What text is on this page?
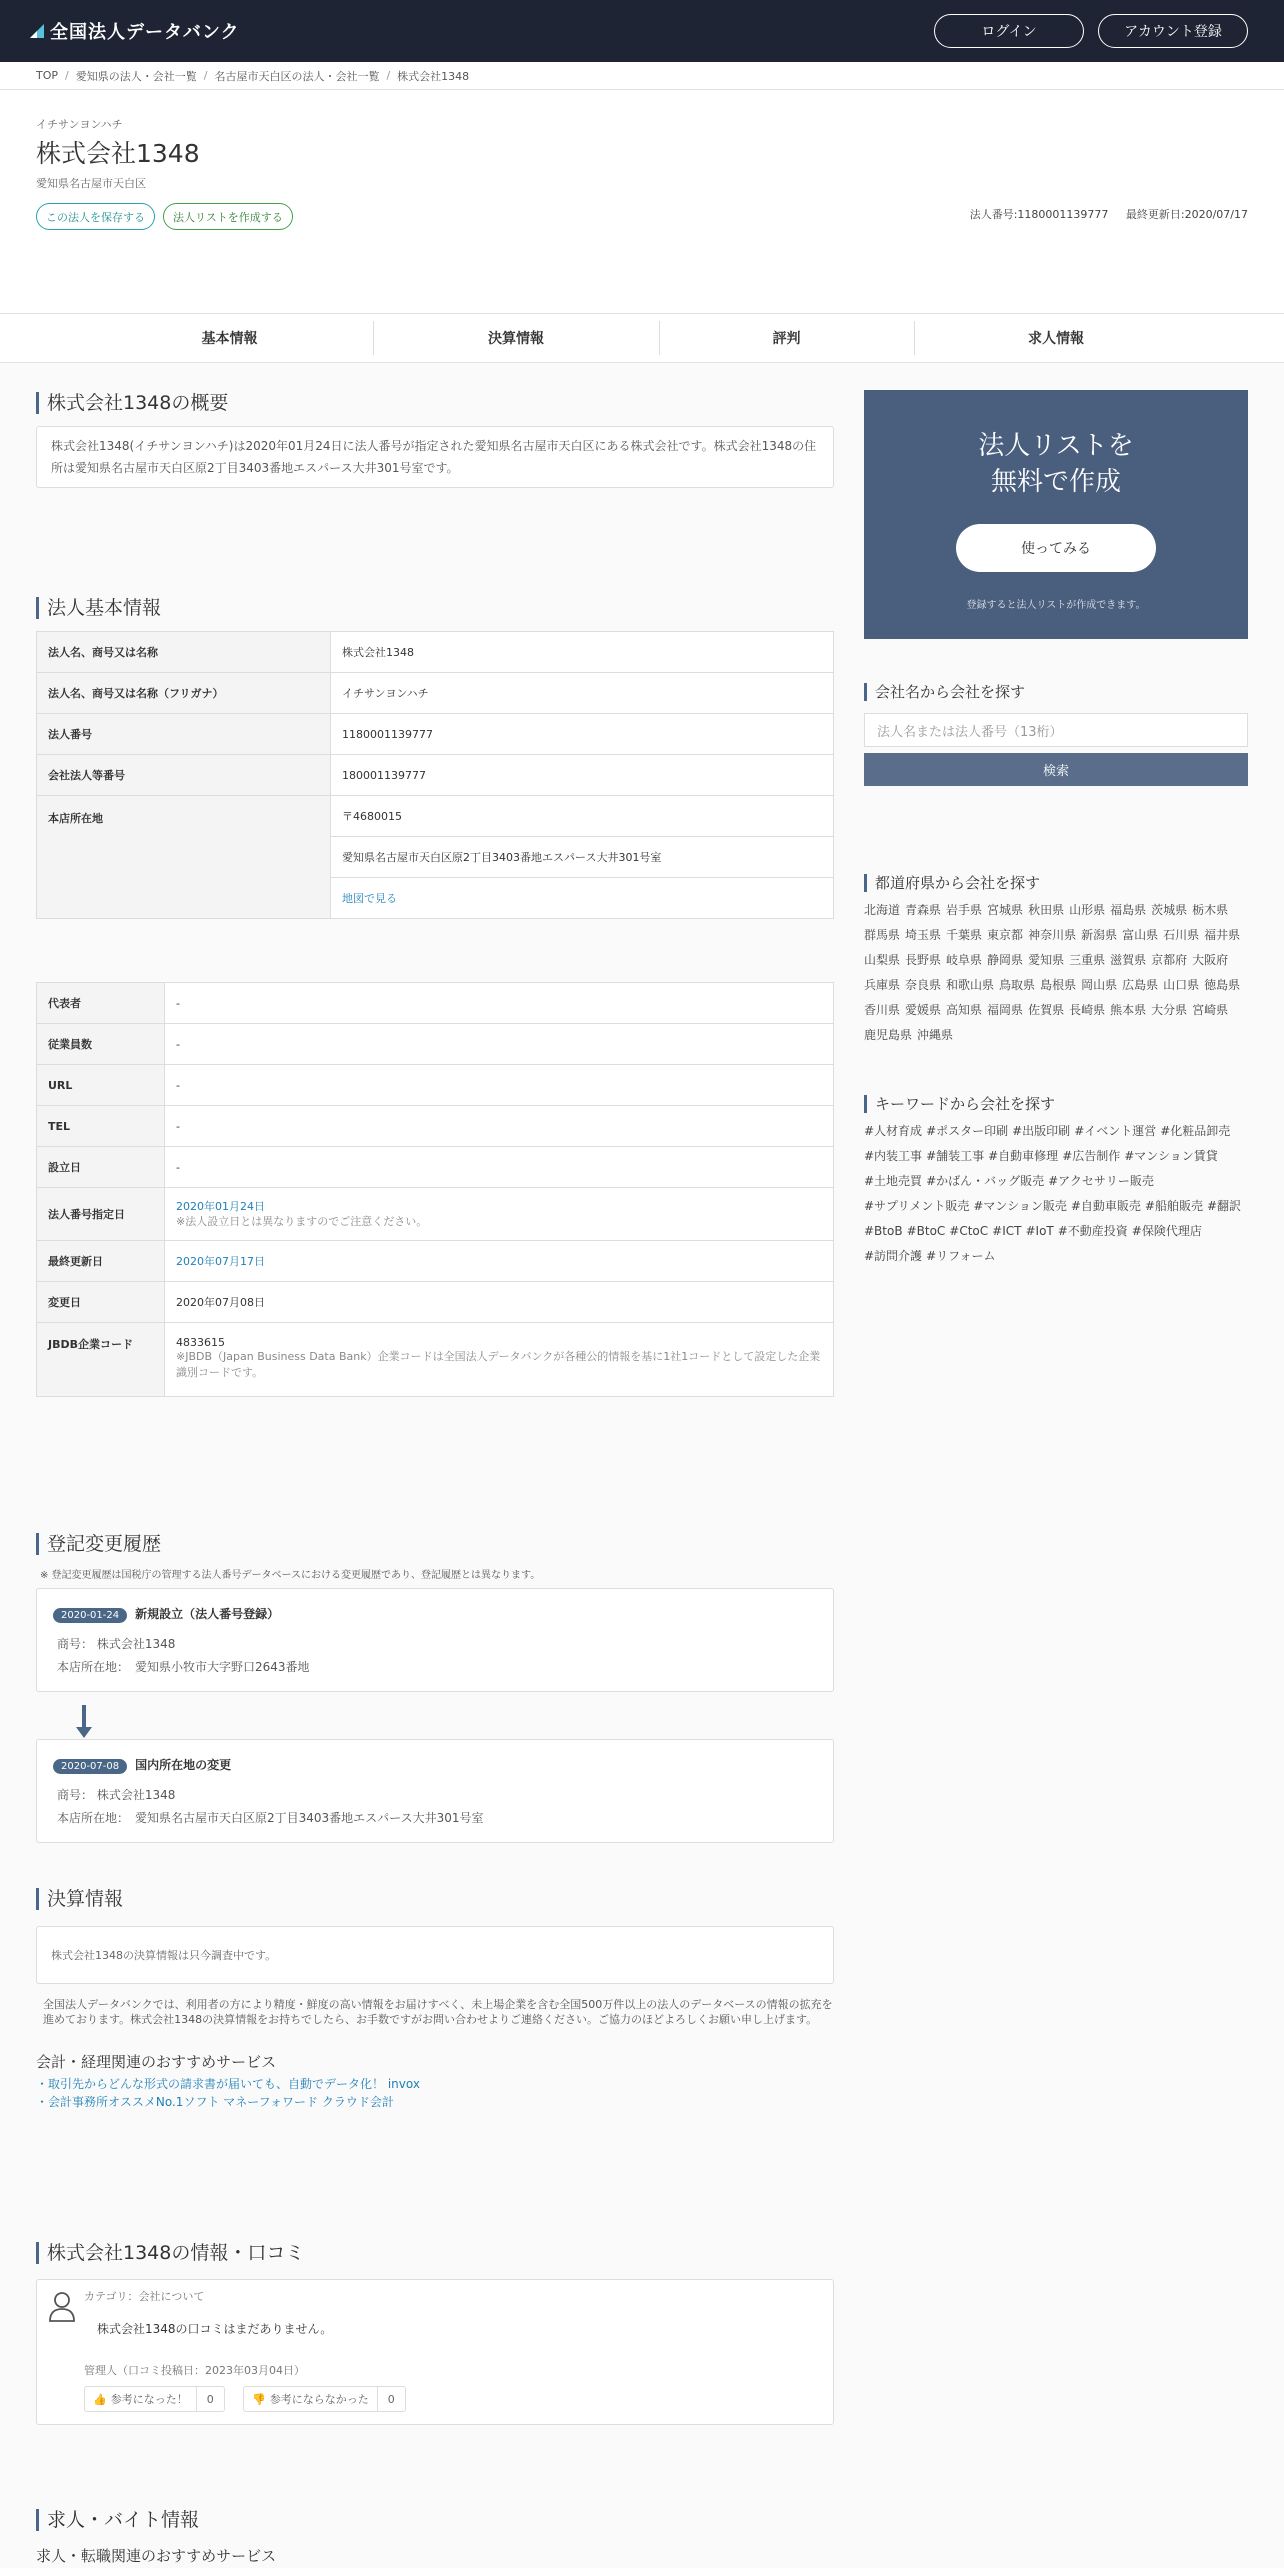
全国法人データバンク	ログイン	アカウント登録
TOP / 愛知県の法人・会社一覧 / 名古屋市天白区の法人・会社一覧 / 株式会社1348
イチサンヨンハチ
株式会社1348
愛知県名古屋市天白区
この法人を保存する	法人リストを作成する	法人番号:1180001139777 最終更新日:2020/07/17
基本情報	決算情報	評判	求人情報
株式会社1348の概要
株式会社1348(イチサンヨンハチ)は2020年01月24日に法人番号が指定された愛知県名古屋市天白区にある株式会社です。株式会社1348の住所は愛知県名古屋市天白区原2丁目3403番地エスパース大井301号室です。
法人基本情報
法人名、商号又は名称	株式会社1348
法人名、商号又は名称（フリガナ）	イチサンヨンハチ
法人番号	1180001139777
会社法人等番号	180001139777
本店所在地	〒4680015
	愛知県名古屋市天白区原2丁目3403番地エスパース大井301号室
	地図で見る
代表者	-
従業員数	-
URL	-
TEL	-
設立日	-
法人番号指定日	2020年01月24日
※法人設立日とは異なりますのでご注意ください。

最終更新日	2020年07月17日
変更日	2020年07月08日
JBDB企業コード	4833615
※JBDB（Japan Business Data Bank）企業コードは全国法人データバンクが各種公的情報を基に1社1コードとして設定した企業識別コードです。
登記変更履歴
※ 登記変更履歴は国税庁の管理する法人番号データベースにおける変更履歴であり、登記履歴とは異なります。
2020-01-24 新規設立（法人番号登録）
商号： 株式会社1348
本店所在地：　愛知県小牧市大字野口2643番地
2020-07-08 国内所在地の変更
商号： 株式会社1348
本店所在地：　愛知県名古屋市天白区原2丁目3403番地エスパース大井301号室
決算情報
株式会社1348の決算情報は只今調査中です。
全国法人データバンクでは、利用者の方により精度・鮮度の高い情報をお届けすべく、未上場企業を含む全国500万件以上の法人のデータベースの情報の拡充を進めております。株式会社1348の決算情報をお持ちでしたら、お手数ですがお問い合わせよりご連絡ください。ご協力のほどよろしくお願い申し上げます。
会計・経理関連のおすすめサービス
・取引先からどんな形式の請求書が届いても、自動でデータ化！ invox
・会計事務所オススメNo.1ソフト マネーフォワード クラウド会計
株式会社1348の情報・口コミ
カテゴリ：会社について
株式会社1348の口コミはまだありません。
管理人（口コミ投稿日：2023年03月04日）
👍 参考になった！	0	👎 参考にならなかった	0
求人・バイト情報
求人・転職関連のおすすめサービス
法人リストを
無料で作成
使ってみる
登録すると法人リストが作成できます。
会社名から会社を探す
法人名または法人番号（13桁）
検索
都道府県から会社を探す
北海道 青森県 岩手県 宮城県 秋田県 山形県 福島県 茨城県 栃木県
群馬県 埼玉県 千葉県 東京都 神奈川県 新潟県 富山県 石川県 福井県
山梨県 長野県 岐阜県 静岡県 愛知県 三重県 滋賀県 京都府 大阪府
兵庫県 奈良県 和歌山県 鳥取県 島根県 岡山県 広島県 山口県 徳島県
香川県 愛媛県 高知県 福岡県 佐賀県 長崎県 熊本県 大分県 宮崎県
鹿児島県 沖縄県
キーワードから会社を探す
#人材育成 #ポスター印刷 #出版印刷 #イベント運営 #化粧品卸売
#内装工事 #舗装工事 #自動車修理 #広告制作 #マンション賃貸
#土地売買 #かばん・バッグ販売 #アクセサリー販売
#サプリメント販売 #マンション販売 #自動車販売 #船舶販売 #翻訳
#BtoB #BtoC #CtoC #ICT #IoT #不動産投資 #保険代理店
#訪問介護 #リフォーム
